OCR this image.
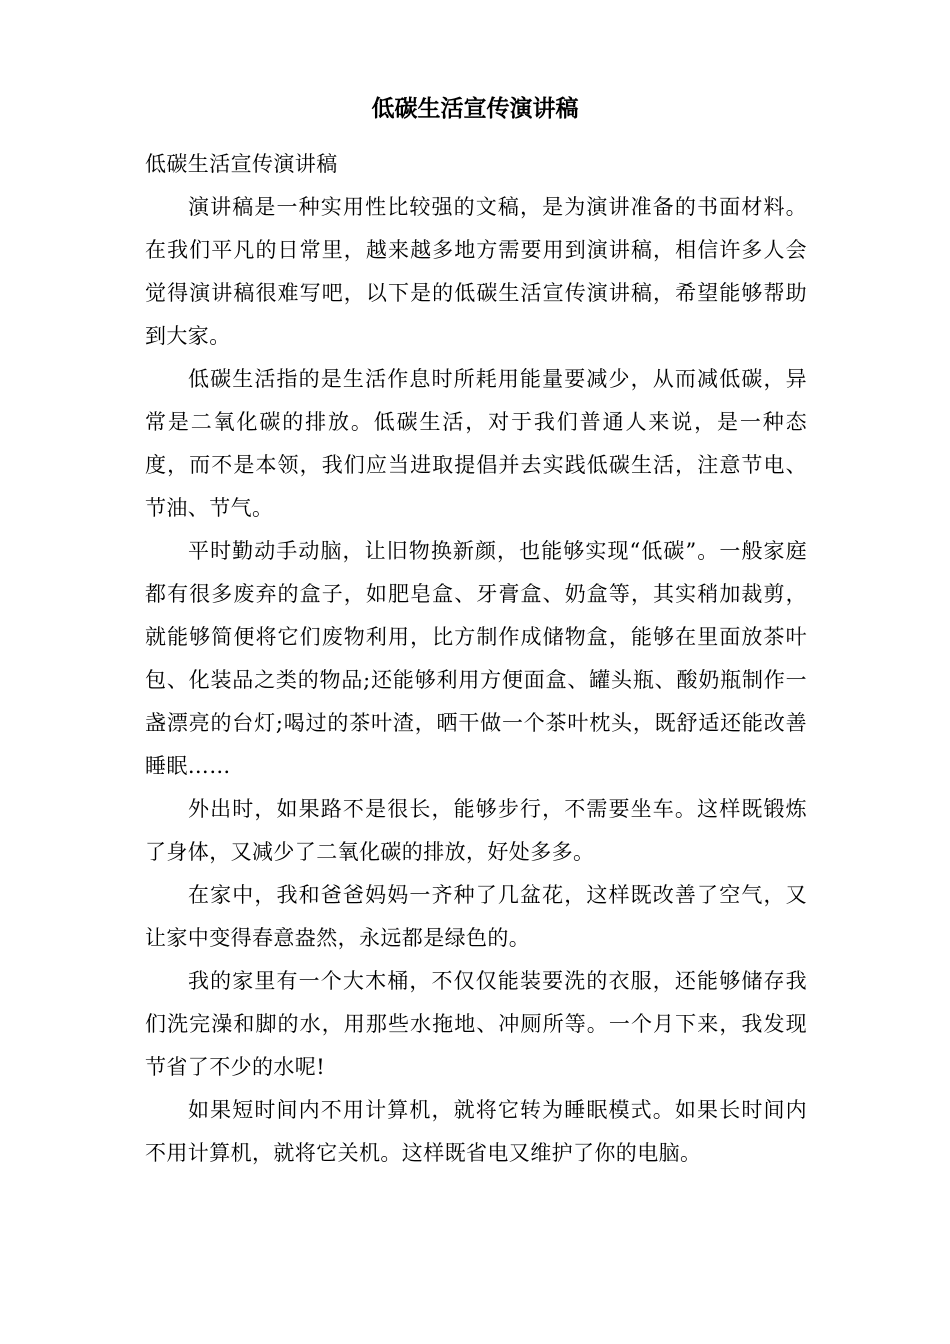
低碳生活宣传演讲稿

低碳生活宣传演讲稿

演讲稿是一种实用性比较强的文稿，是为演讲准备的书面材料。在我们平凡的日常里，越来越多地方需要用到演讲稿，相信许多人会觉得演讲稿很难写吧，以下是的低碳生活宣传演讲稿，希望能够帮助到大家。

低碳生活指的是生活作息时所耗用能量要减少，从而减低碳，异常是二氧化碳的排放。低碳生活，对于我们普通人来说，是一种态度，而不是本领，我们应当进取提倡并去实践低碳生活，注意节电、节油、节气。

平时勤动手动脑，让旧物换新颜，也能够实现“低碳”。一般家庭都有很多废弃的盒子，如肥皂盒、牙膏盒、奶盒等，其实稍加裁剪，就能够简便将它们废物利用，比方制作成储物盒，能够在里面放茶叶包、化装品之类的物品;还能够利用方便面盒、罐头瓶、酸奶瓶制作一盏漂亮的台灯;喝过的茶叶渣，晒干做一个茶叶枕头，既舒适还能改善睡眠……

外出时，如果路不是很长，能够步行，不需要坐车。这样既锻炼了身体，又减少了二氧化碳的排放，好处多多。

在家中，我和爸爸妈妈一齐种了几盆花，这样既改善了空气，又让家中变得春意盎然，永远都是绿色的。

我的家里有一个大木桶，不仅仅能装要洗的衣服，还能够储存我们洗完澡和脚的水，用那些水拖地、冲厕所等。一个月下来，我发现节省了不少的水呢!

如果短时间内不用计算机，就将它转为睡眠模式。如果长时间内不用计算机，就将它关机。这样既省电又维护了你的电脑。
